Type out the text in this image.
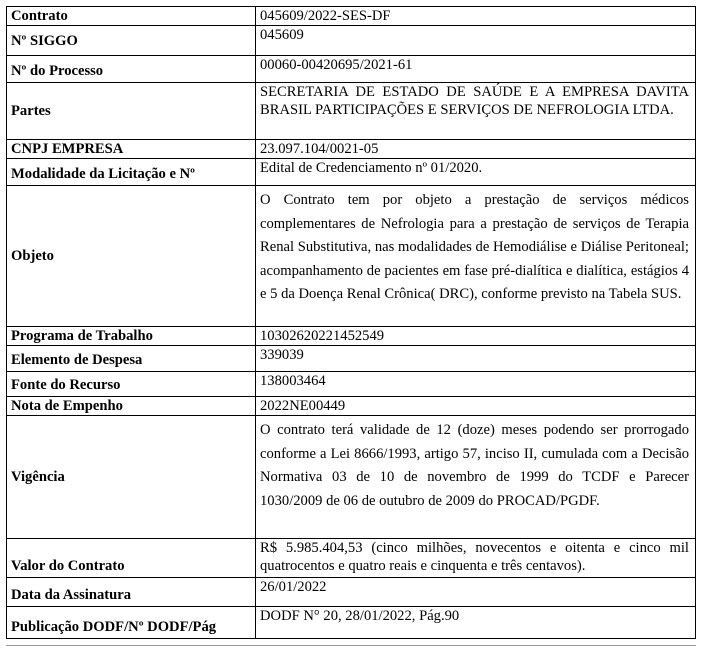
Contrato	045609/2022-SES-DF
Nº SIGGO	045609
Nº do Processo	00060-00420695/2021-61
Partes	SECRETARIA DE ESTADO DE SAÚDE E A EMPRESA DAVITA BRASIL PARTICIPAÇÕES E SERVIÇOS DE NEFROLOGIA LTDA.
CNPJ EMPRESA	23.097.104/0021-05
Modalidade da Licitação e Nº	Edital de Credenciamento nº 01/2020.
Objeto	O Contrato tem por objeto a prestação de serviços médicos complementares de Nefrologia para a prestação de serviços de Terapia Renal Substitutiva, nas modalidades de Hemodiálise e Diálise Peritoneal; acompanhamento de pacientes em fase pré-dialítica e dialítica, estágios 4 e 5 da Doença Renal Crônica( DRC), conforme previsto na Tabela SUS.
Programa de Trabalho	10302620221452549
Elemento de Despesa	339039
Fonte do Recurso	138003464
Nota de Empenho	2022NE00449
Vigência	O contrato terá validade de 12 (doze) meses podendo ser prorrogado conforme a Lei 8666/1993, artigo 57, inciso II, cumulada com a Decisão Normativa 03 de 10 de novembro de 1999 do TCDF e Parecer 1030/2009 de 06 de outubro de 2009 do PROCAD/PGDF.
Valor do Contrato	R$ 5.985.404,53 (cinco milhões, novecentos e oitenta e cinco mil quatrocentos e quatro reais e cinquenta e três centavos).
Data da Assinatura	26/01/2022
Publicação DODF/Nº DODF/Pág	DODF N° 20, 28/01/2022, Pág.90
